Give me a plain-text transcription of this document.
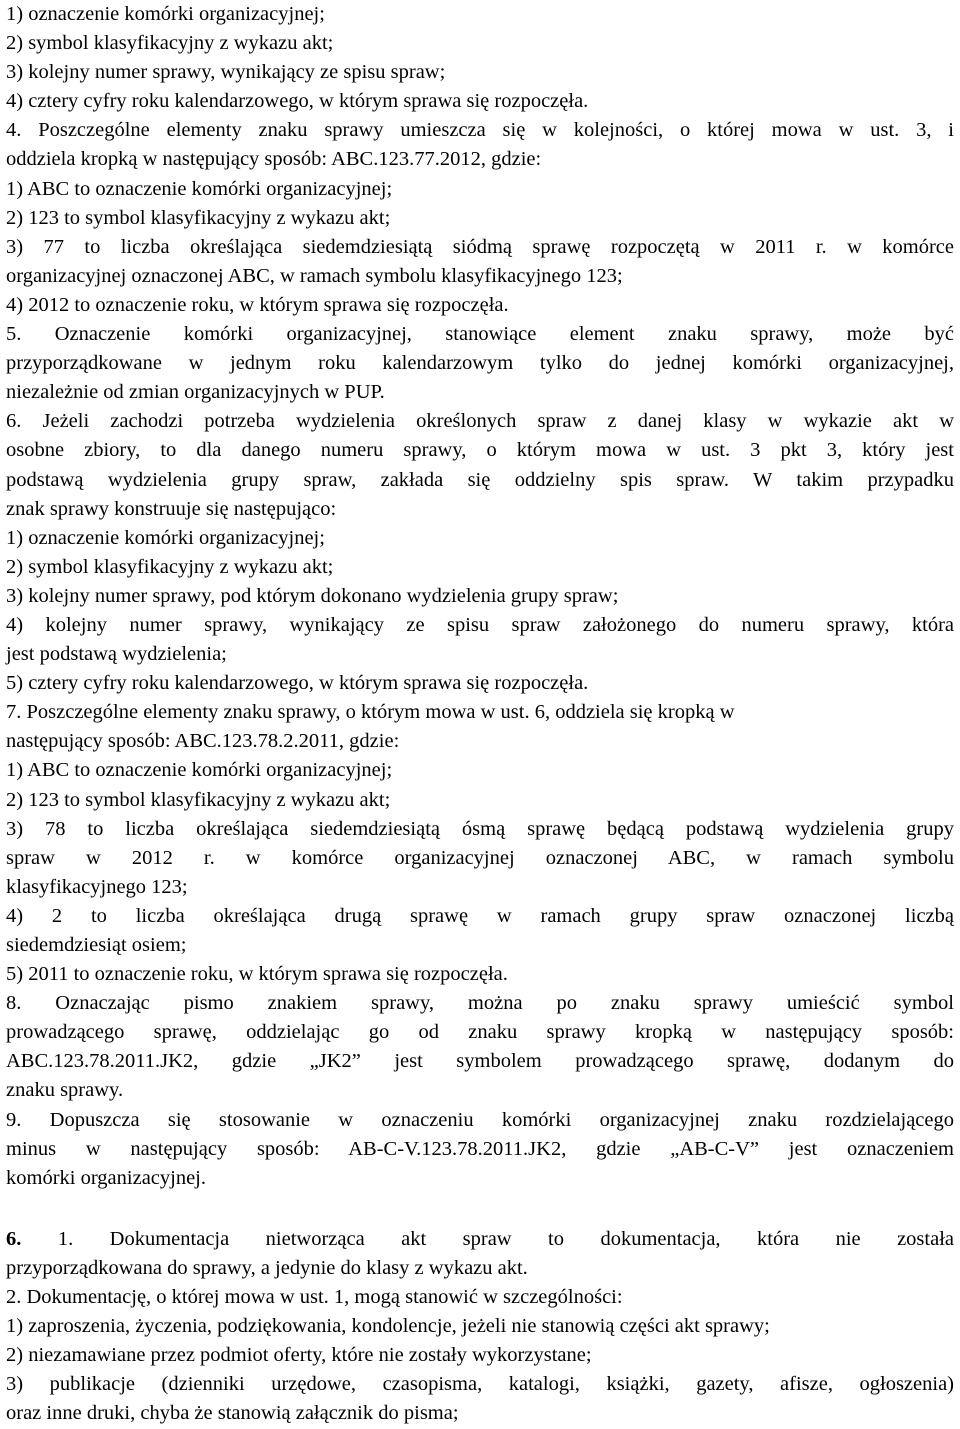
1) oznaczenie komórki organizacyjnej;
2) symbol klasyfikacyjny z wykazu akt;
3) kolejny numer sprawy, wynikający ze spisu spraw;
4) cztery cyfry roku kalendarzowego, w którym sprawa się rozpoczęła.
4. Poszczególne elementy znaku sprawy umieszcza się w kolejności, o której mowa w ust. 3, i
oddziela kropką w następujący sposób: ABC.123.77.2012, gdzie:
1) ABC to oznaczenie komórki organizacyjnej;
2) 123 to symbol klasyfikacyjny z wykazu akt;
3) 77 to liczba określająca siedemdziesiątą siódmą sprawę rozpoczętą w 2011 r. w komórce
organizacyjnej oznaczonej ABC, w ramach symbolu klasyfikacyjnego 123;
4) 2012 to oznaczenie roku, w którym sprawa się rozpoczęła.
5. Oznaczenie komórki organizacyjnej, stanowiące element znaku sprawy, może być
przyporządkowane w jednym roku kalendarzowym tylko do jednej komórki organizacyjnej,
niezależnie od zmian organizacyjnych w PUP.
6. Jeżeli zachodzi potrzeba wydzielenia określonych spraw z danej klasy w wykazie akt w
osobne zbiory, to dla danego numeru sprawy, o którym mowa w ust. 3 pkt 3, który jest
podstawą wydzielenia grupy spraw, zakłada się oddzielny spis spraw. W takim przypadku
znak sprawy konstruuje się następująco:
1) oznaczenie komórki organizacyjnej;
2) symbol klasyfikacyjny z wykazu akt;
3) kolejny numer sprawy, pod którym dokonano wydzielenia grupy spraw;
4) kolejny numer sprawy, wynikający ze spisu spraw założonego do numeru sprawy, która
jest podstawą wydzielenia;
5) cztery cyfry roku kalendarzowego, w którym sprawa się rozpoczęła.
7. Poszczególne elementy znaku sprawy, o którym mowa w ust. 6, oddziela się kropką w
następujący sposób: ABC.123.78.2.2011, gdzie:
1) ABC to oznaczenie komórki organizacyjnej;
2) 123 to symbol klasyfikacyjny z wykazu akt;
3) 78 to liczba określająca siedemdziesiątą ósmą sprawę będącą podstawą wydzielenia grupy
spraw w 2012 r. w komórce organizacyjnej oznaczonej ABC, w ramach symbolu
klasyfikacyjnego 123;
4) 2 to liczba określająca drugą sprawę w ramach grupy spraw oznaczonej liczbą
siedemdziesiąt osiem;
5) 2011 to oznaczenie roku, w którym sprawa się rozpoczęła.
8. Oznaczając pismo znakiem sprawy, można po znaku sprawy umieścić symbol
prowadzącego sprawę, oddzielając go od znaku sprawy kropką w następujący sposób:
ABC.123.78.2011.JK2, gdzie „JK2” jest symbolem prowadzącego sprawę, dodanym do
znaku sprawy.
9. Dopuszcza się stosowanie w oznaczeniu komórki organizacyjnej znaku rozdzielającego
minus w następujący sposób: AB-C-V.123.78.2011.JK2, gdzie „AB-C-V” jest oznaczeniem
komórki organizacyjnej.
6. 1. Dokumentacja nietworząca akt spraw to dokumentacja, która nie została
przyporządkowana do sprawy, a jedynie do klasy z wykazu akt.
2. Dokumentację, o której mowa w ust. 1, mogą stanowić w szczególności:
1) zaproszenia, życzenia, podziękowania, kondolencje, jeżeli nie stanowią części akt sprawy;
2) niezamawiane przez podmiot oferty, które nie zostały wykorzystane;
3) publikacje (dzienniki urzędowe, czasopisma, katalogi, książki, gazety, afisze, ogłoszenia)
oraz inne druki, chyba że stanowią załącznik do pisma;
